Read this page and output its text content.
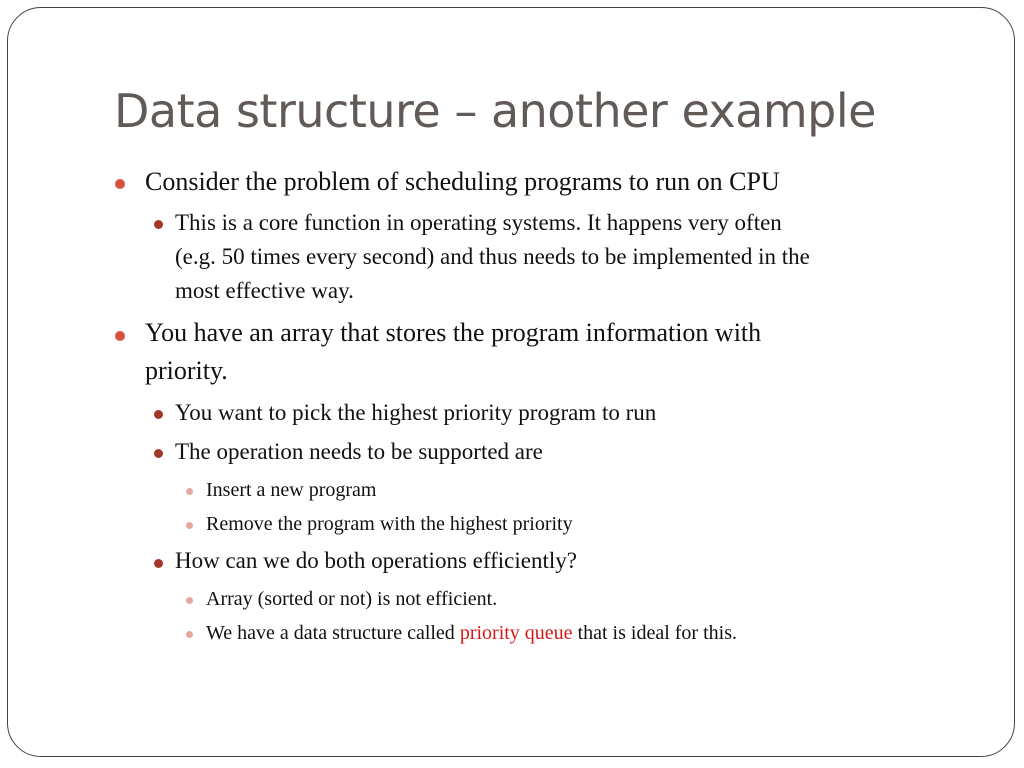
Data structure – another example
Consider the problem of scheduling programs to run on CPU
This is a core function in operating systems. It happens very often
(e.g. 50 times every second) and thus needs to be implemented in the
most effective way.
You have an array that stores the program information with
priority.
You want to pick the highest priority program to run
The operation needs to be supported are
Insert a new program
Remove the program with the highest priority
How can we do both operations efficiently?
Array (sorted or not) is not efficient.
We have a data structure called priority queue that is ideal for this.
